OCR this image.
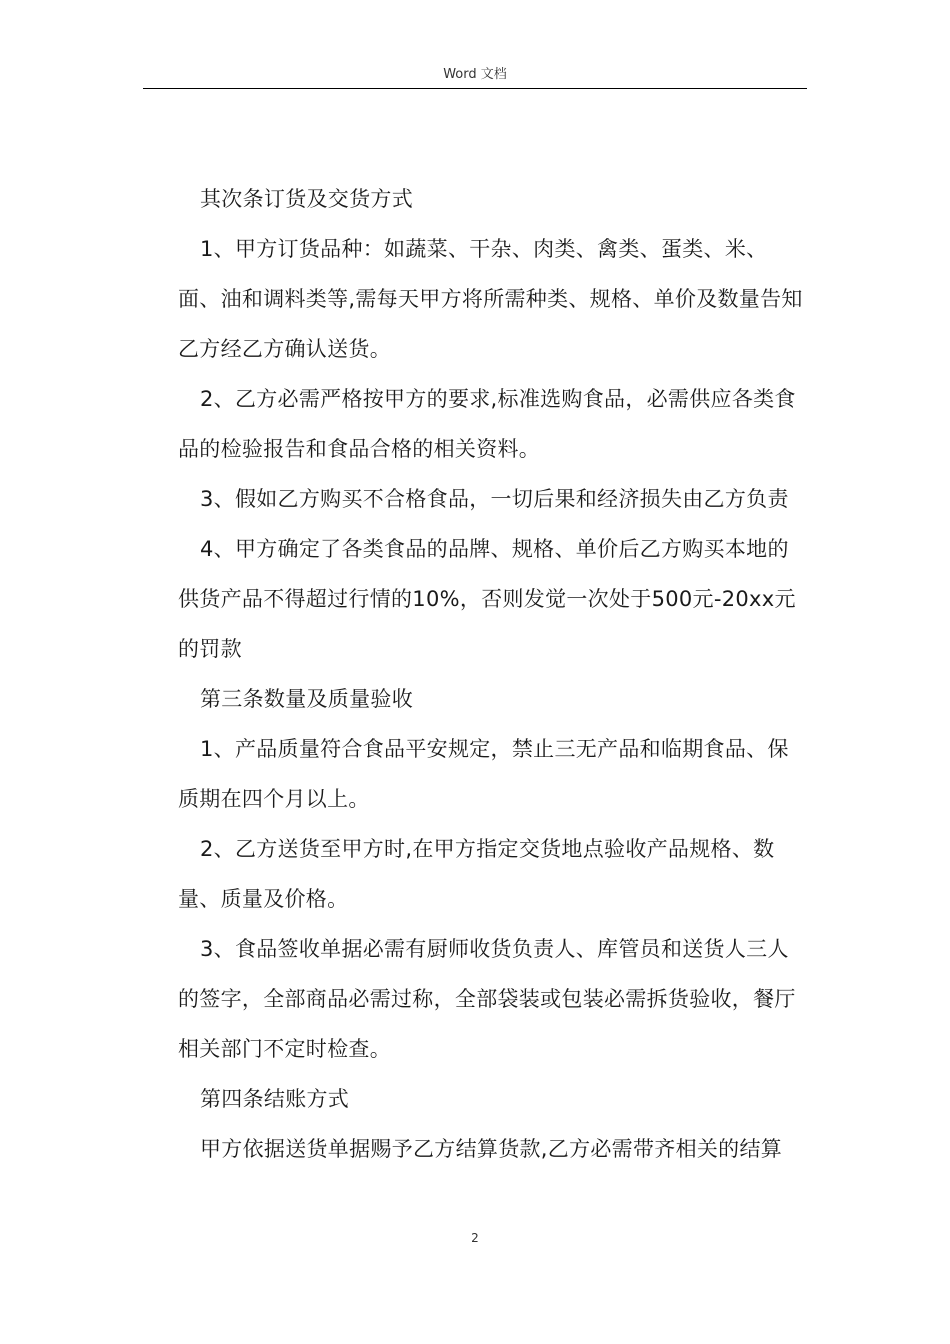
Word 文档

其次条订货及交货方式

1、甲方订货品种：如蔬菜、干杂、肉类、禽类、蛋类、米、面、油和调料类等,需每天甲方将所需种类、规格、单价及数量告知乙方经乙方确认送货。

2、乙方必需严格按甲方的要求,标准选购食品，必需供应各类食品的检验报告和食品合格的相关资料。

3、假如乙方购买不合格食品，一切后果和经济损失由乙方负责

4、甲方确定了各类食品的品牌、规格、单价后乙方购买本地的供货产品不得超过行情的10%，否则发觉一次处于500元-20xx元的罚款

第三条数量及质量验收

1、产品质量符合食品平安规定，禁止三无产品和临期食品、保质期在四个月以上。

2、乙方送货至甲方时,在甲方指定交货地点验收产品规格、数量、质量及价格。

3、食品签收单据必需有厨师收货负责人、库管员和送货人三人的签字，全部商品必需过称，全部袋装或包装必需拆货验收，餐厅相关部门不定时检查。

第四条结账方式

甲方依据送货单据赐予乙方结算货款,乙方必需带齐相关的结算

2
